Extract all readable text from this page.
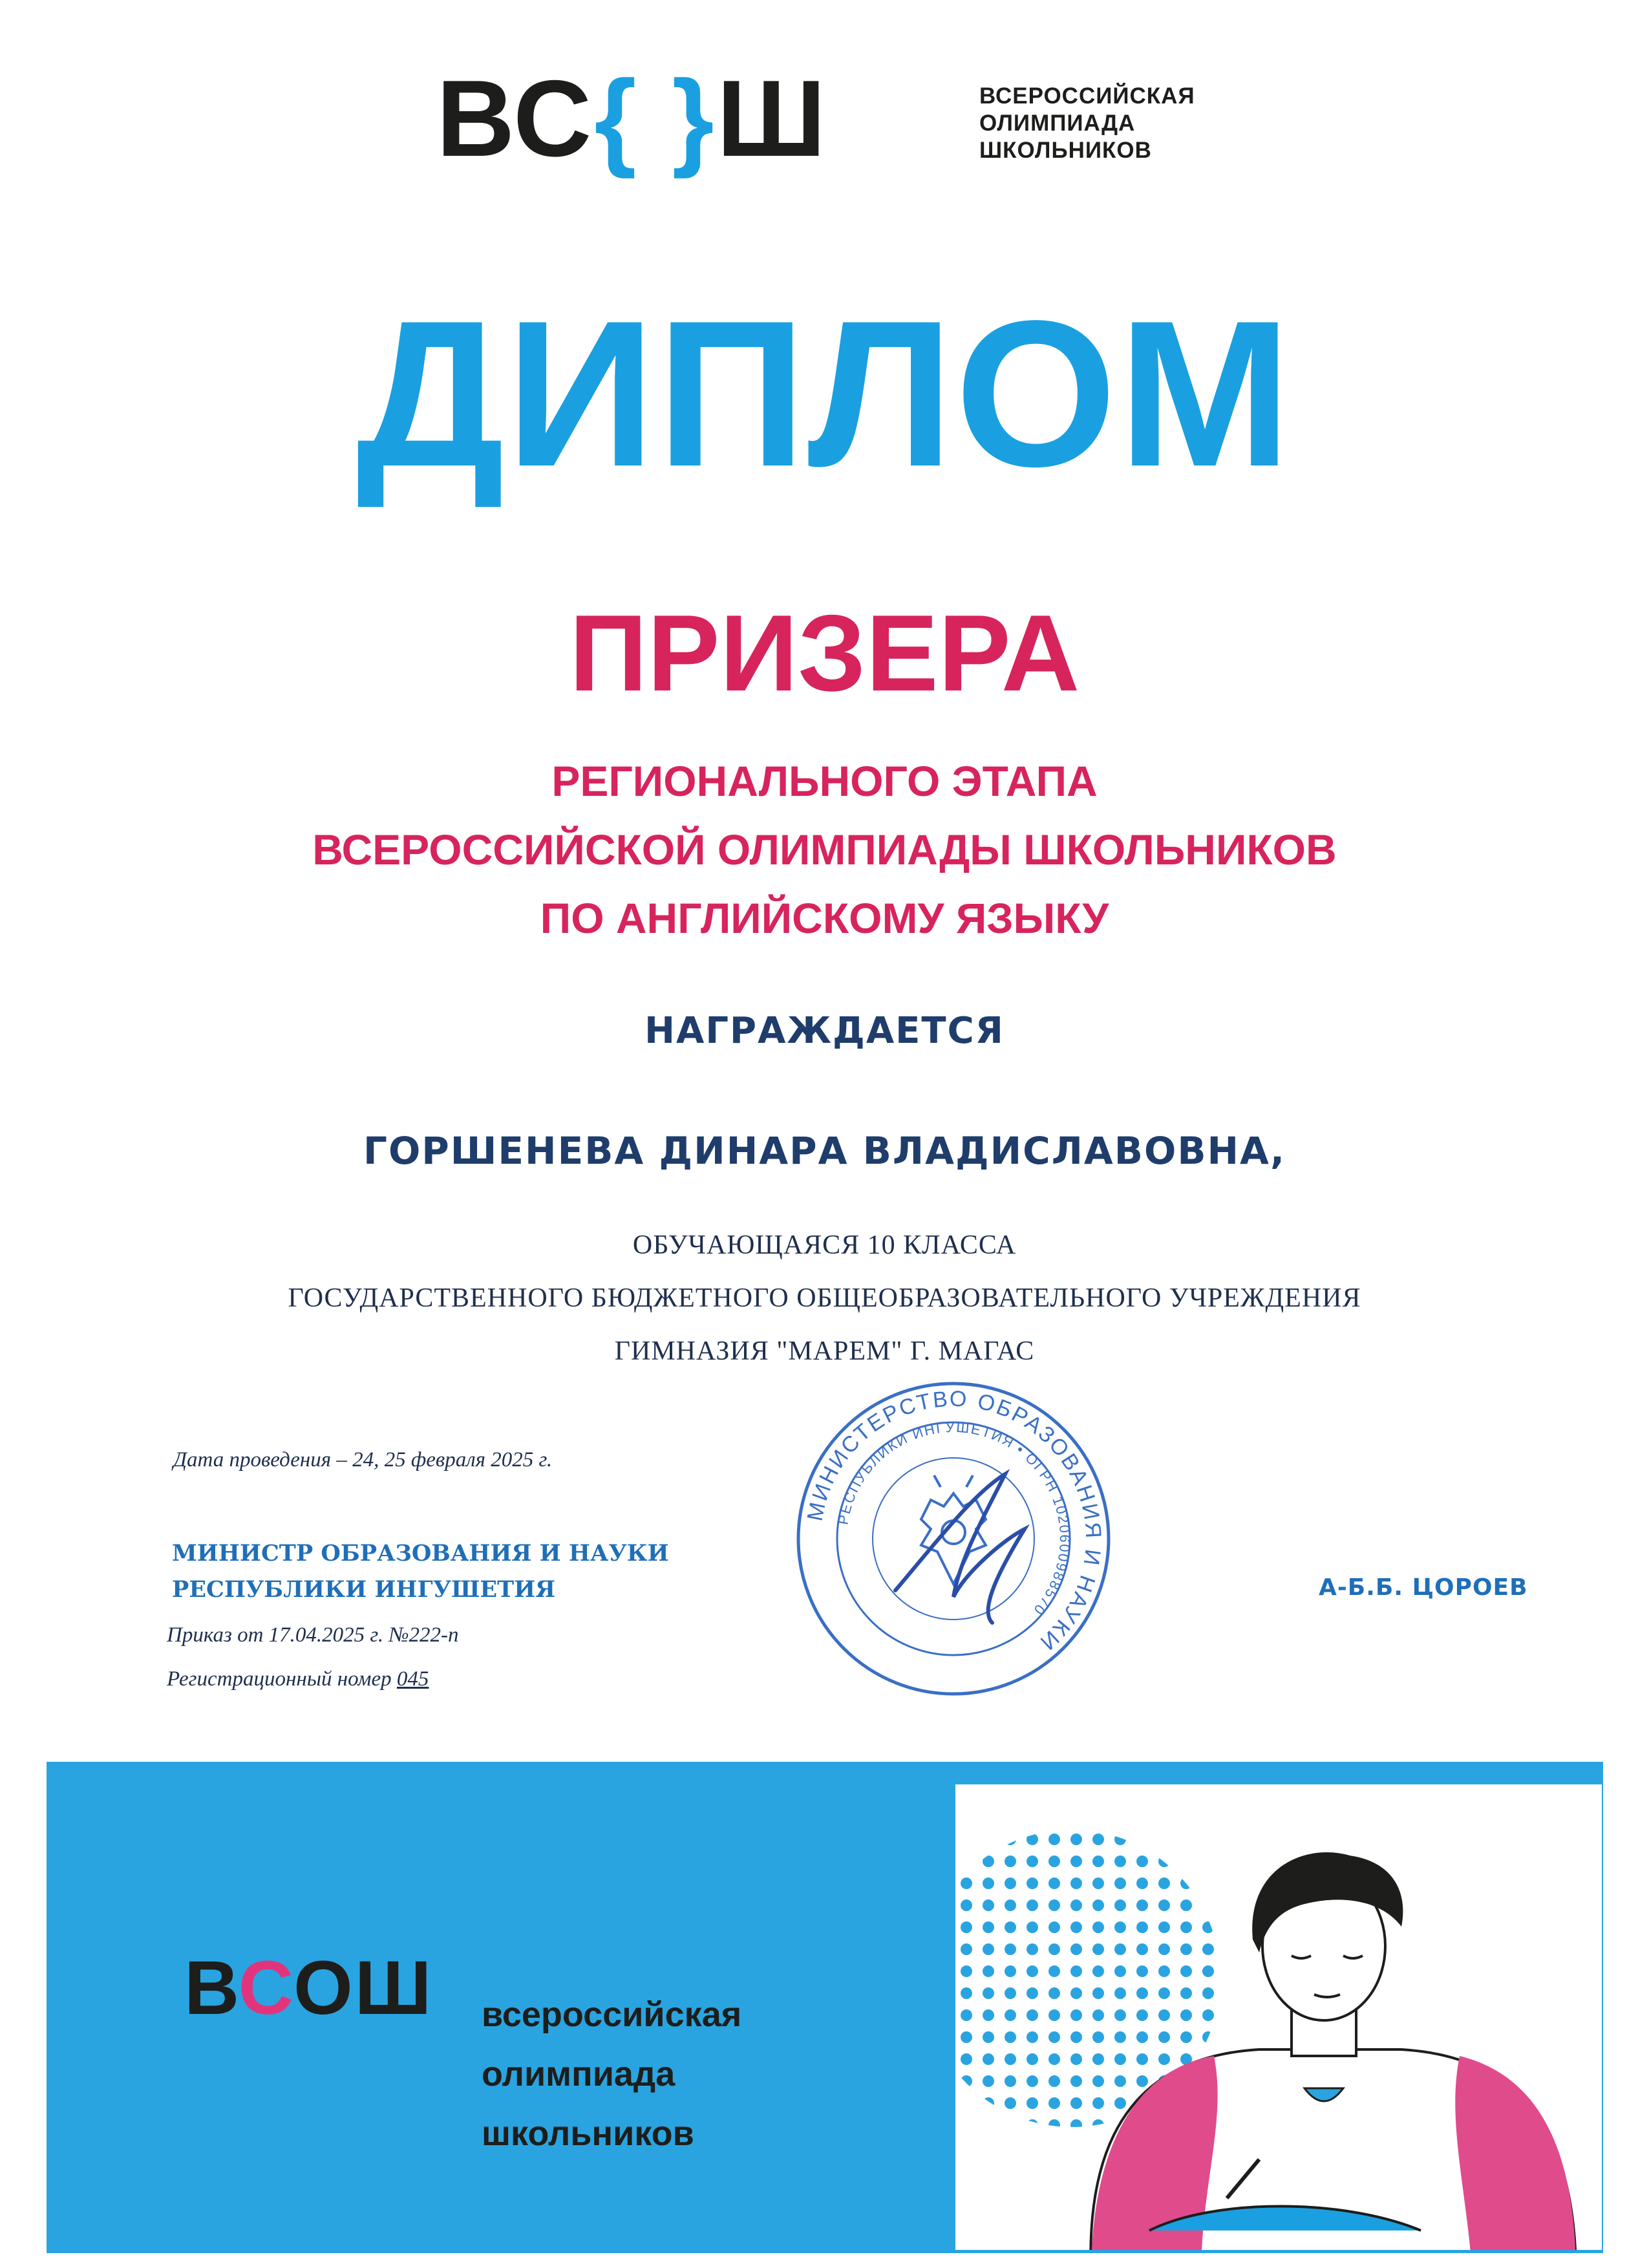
ВС { } Ш	ВСЕРОССИЙСКАЯ
ОЛИМПИАДА
ШКОЛЬНИКОВ
ДИПЛОМ
ПРИЗЕРА
РЕГИОНАЛЬНОГО ЭТАПА
ВСЕРОССИЙСКОЙ ОЛИМПИАДЫ ШКОЛЬНИКОВ
ПО АНГЛИЙСКОМУ ЯЗЫКУ
НАГРАЖДАЕТСЯ
ГОРШЕНЕВА ДИНАРА ВЛАДИСЛАВОВНА,
ОБУЧАЮЩАЯСЯ 10 КЛАССА
ГОСУДАРСТВЕННОГО БЮДЖЕТНОГО ОБЩЕОБРАЗОВАТЕЛЬНОГО УЧРЕЖДЕНИЯ
ГИМНАЗИЯ "МАРЕМ" Г. МАГАС
Дата проведения – 24, 25 февраля 2025 г.
МИНИСТР ОБРАЗОВАНИЯ И НАУКИ
РЕСПУБЛИКИ ИНГУШЕТИЯ
Приказ от 17.04.2025 г. №222-п
Регистрационный номер 045
А-Б.Б. ЦОРОЕВ
МИНИСТЕРСТВО ОБРАЗОВАНИЯ И НАУКИ
РЕСПУБЛИКИ ИНГУШЕТИЯ • ОГРН 1020600988570
ВСОШ всероссийская
олимпиада
школьников
